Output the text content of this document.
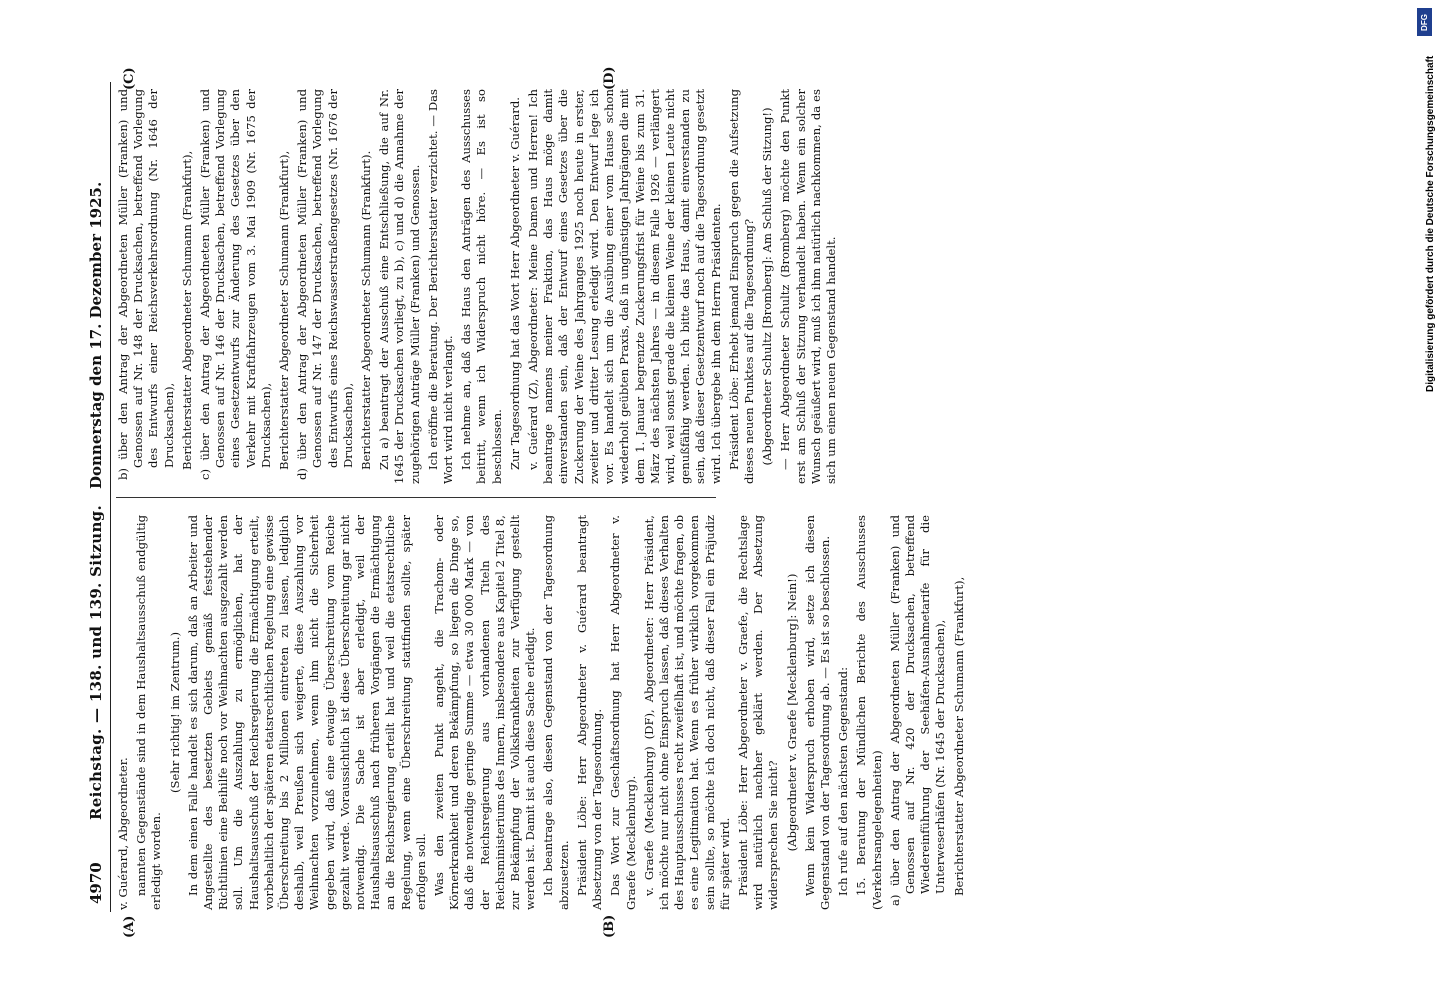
4970
Reichstag. — 138. und 139. Sitzung.
Donnerstag den 17. Dezember 1925.

v. Guérard, Abgeordneter. nannten Gegenstände sind in dem Haushaltsausschuß endgültig erledigt worden.

(Sehr richtig! im Zentrum.) In dem einen Falle handelt es sich darum, daß an Arbeiter und Angestellte des besetzten Gebiets gemäß feststehender Richtlinien eine Beihilfe noch vor Weihnachten ausgezahlt werden soll. Um die Auszahlung zu ermöglichen, hat der Haushaltsausschuß der Reichsregierung die Ermächtigung erteilt, vorbehaltlich der späteren etatsrechtlichen Regelung eine gewisse Überschreitung bis 2 Millionen eintreten zu lassen, lediglich deshalb, weil Preußen sich weigerte, diese Auszahlung vor Weihnachten vorzunehmen, wenn ihm nicht die Sicherheit gegeben wird, daß eine etwaige Überschreitung vom Reiche gezahlt werde. Voraussichtlich ist diese Überschreitung gar nicht notwendig. Die Sache ist aber erledigt, weil der Haushaltsausschuß nach früheren Vorgängen die Ermächtigung an die Reichsregierung erteilt hat und weil die etatsrechtliche Regelung, wenn eine Überschreitung stattfinden sollte, später erfolgen soll. Was den zweiten Punkt angeht, die Trachom- oder Körnerkrankheit und deren Bekämpfung, so liegen die Dinge so, daß die notwendige geringe Summe — etwa 30 000 Mark — von der Reichsregierung aus vorhandenen Titeln des Reichsministeriums des Innern, insbesondere aus Kapitel 2 Titel 8, zur Bekämpfung der Volkskrankheiten zur Verfügung gestellt werden ist. Damit ist auch diese Sache erledigt. Ich beantrage also, diesen Gegenstand von der Tagesordnung abzusetzen. Präsident Löbe: Herr Abgeordneter v. Guérard beantragt Absetzung von der Tagesordnung. Das Wort zur Geschäftsordnung hat Herr Abgeordneter v. Graefe (Mecklenburg). v. Graefe (Mecklenburg) (DF), Abgeordneter: Herr Präsident, ich möchte nur nicht ohne Einspruch lassen, daß dieses Verhalten des Hauptausschusses recht zweifelhaft ist, und möchte fragen, ob es eine Legitimation hat. Wenn es früher wirklich vorgekommen sein sollte, so möchte ich doch nicht, daß dieser Fall ein Präjudiz für später wird. Präsident Löbe: Herr Abgeordneter v. Graefe, die Rechtslage wird natürlich nachher geklärt werden. Der Absetzung widersprechen Sie nicht? (Abgeordneter v. Graefe [Mecklenburg]: Nein!) Wenn kein Widerspruch erhoben wird, setze ich diesen Gegenstand von der Tagesordnung ab. — Es ist so beschlossen. Ich rufe auf den nächsten Gegenstand: 15. Beratung der Mündlichen Berichte des Ausschusses (Verkehrsangelegenheiten) a) über den Antrag der Abgeordneten Müller (Franken) und Genossen auf Nr. 420 der Drucksachen, betreffend Wiedereinführung der Seehäfen-Ausnahmetarife für die Unterweserhäfen (Nr. 1645 der Drucksachen), Berichterstatter Abgeordneter Schumann (Frankfurt),

b) über den Antrag der Abgeordneten Müller (Franken) und Genossen auf Nr. 148 der Drucksachen, betreffend Vorlegung des Entwurfs einer Reichsverkehrsordnung (Nr. 1646 der Drucksachen), Berichterstatter Abgeordneter Schumann (Frankfurt), c) über den Antrag der Abgeordneten Müller (Franken) und Genossen auf Nr. 146 der Drucksachen, betreffend Vorlegung eines Gesetzentwurfs zur Änderung des Gesetzes über den Verkehr mit Kraftfahrzeugen vom 3. Mai 1909 (Nr. 1675 der Drucksachen), Berichterstatter Abgeordneter Schumann (Frankfurt), d) über den Antrag der Abgeordneten Müller (Franken) und Genossen auf Nr. 147 der Drucksachen, betreffend Vorlegung des Entwurfs eines Reichswasserstraßengesetzes (Nr. 1676 der Drucksachen), Berichterstatter Abgeordneter Schumann (Frankfurt). Zu a) beantragt der Ausschuß eine Entschließung, die auf Nr. 1645 der Drucksachen vorliegt, zu b), c) und d) die Annahme der zugehörigen Anträge Müller (Franken) und Genossen. Ich eröffne die Beratung. Der Berichterstatter verzichtet. — Das Wort wird nicht verlangt. Ich nehme an, daß das Haus den Anträgen des Ausschusses beitritt, wenn ich Widerspruch nicht höre. — Es ist so beschlossen. Zur Tagesordnung hat das Wort Herr Abgeordneter v. Guérard. v. Guérard (Z), Abgeordneter: Meine Damen und Herren! Ich beantrage namens meiner Fraktion, das Haus möge damit einverstanden sein, daß der Entwurf eines Gesetzes über die Zuckerung der Weine des Jahrganges 1925 noch heute in erster, zweiter und dritter Lesung erledigt wird. Den Entwurf lege ich vor. Es handelt sich um die Ausübung einer vom Hause schon wiederholt geübten Praxis, daß in ungünstigen Jahrgängen die mit dem 1. Januar begrenzte Zuckerungsfrist für Weine bis zum 31. März des nächsten Jahres — in diesem Falle 1926 — verlängert wird, weil sonst gerade die kleinen Weine der kleinen Leute nicht genußfähig werden. Ich bitte das Haus, damit einverstanden zu sein, daß dieser Gesetzentwurf noch auf die Tagesordnung gesetzt wird. Ich übergebe ihn dem Herrn Präsidenten. Präsident Löbe: Erhebt jemand Einspruch gegen die Aufsetzung dieses neuen Punktes auf die Tagesordnung? (Abgeordneter Schultz [Bromberg]: Am Schluß der Sitzung!) — Herr Abgeordneter Schultz (Bromberg) möchte den Punkt erst am Schluß der Sitzung verhandelt haben. Wenn ein solcher Wunsch geäußert wird, muß ich ihm natürlich nachkommen, da es sich um einen neuen Gegenstand handelt.

(A)	(B)
(C)	(D)
DFG
Digitalisierung gefördert durch die Deutsche Forschungsgemeinschaft
